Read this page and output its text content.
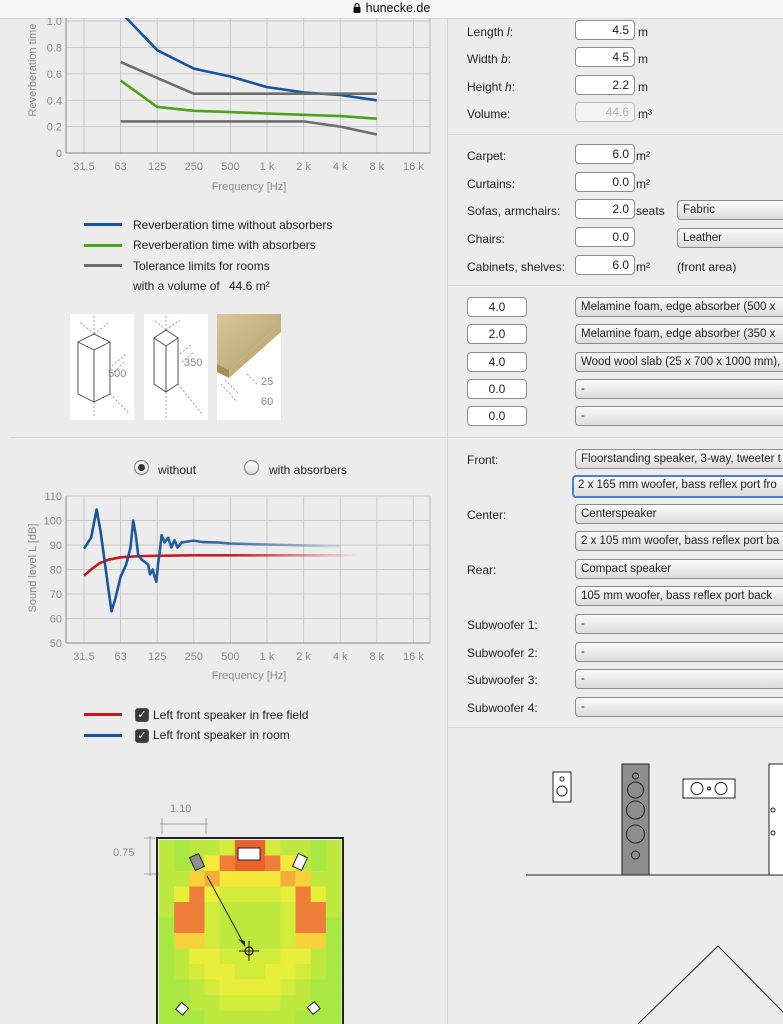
hunecke.de
0
0.2
0.4
0.6
0.8
1.0
31.5 63 125 250 500 1 k 2 k 4 k 8 k 16 k
Frequency [Hz]
Reverberation time
Reverberation time without absorbers
Reverberation time with absorbers
Tolerance limits for rooms
with a volume of 44.6 m²
500
350
25
60
without	with absorbers
50
60
70
80
90
100
110
31.5 63 125 250 500 1 k 2 k 4 k 8 k 16 k
Frequency [Hz]
Sound level L [dB]
✓ Left front speaker in free field
✓ Left front speaker in room
1.10
0.75
Length l:	4.5 m
Width b:	4.5 m
Height h:	2.2 m
Volume:	44.6 m³
Carpet:	6.0 m²
Curtains:	0.0 m²
Sofas, armchairs:	2.0 seats	Fabric
Chairs:	0.0	Leather
Cabinets, shelves:	6.0 m² (front area)
4.0	Melamine foam, edge absorber (500 x
2.0	Melamine foam, edge absorber (350 x
4.0	Wood wool slab (25 x 700 x 1000 mm),
0.0	-
0.0	-
Front:	Floorstanding speaker, 3-way, tweeter t
2 x 165 mm woofer, bass reflex port fro
Center:	Centerspeaker
2 x 105 mm woofer, bass reflex port ba
Rear:	Compact speaker
105 mm woofer, bass reflex port back
Subwoofer 1:	-
Subwoofer 2:	-
Subwoofer 3:	-
Subwoofer 4:	-
